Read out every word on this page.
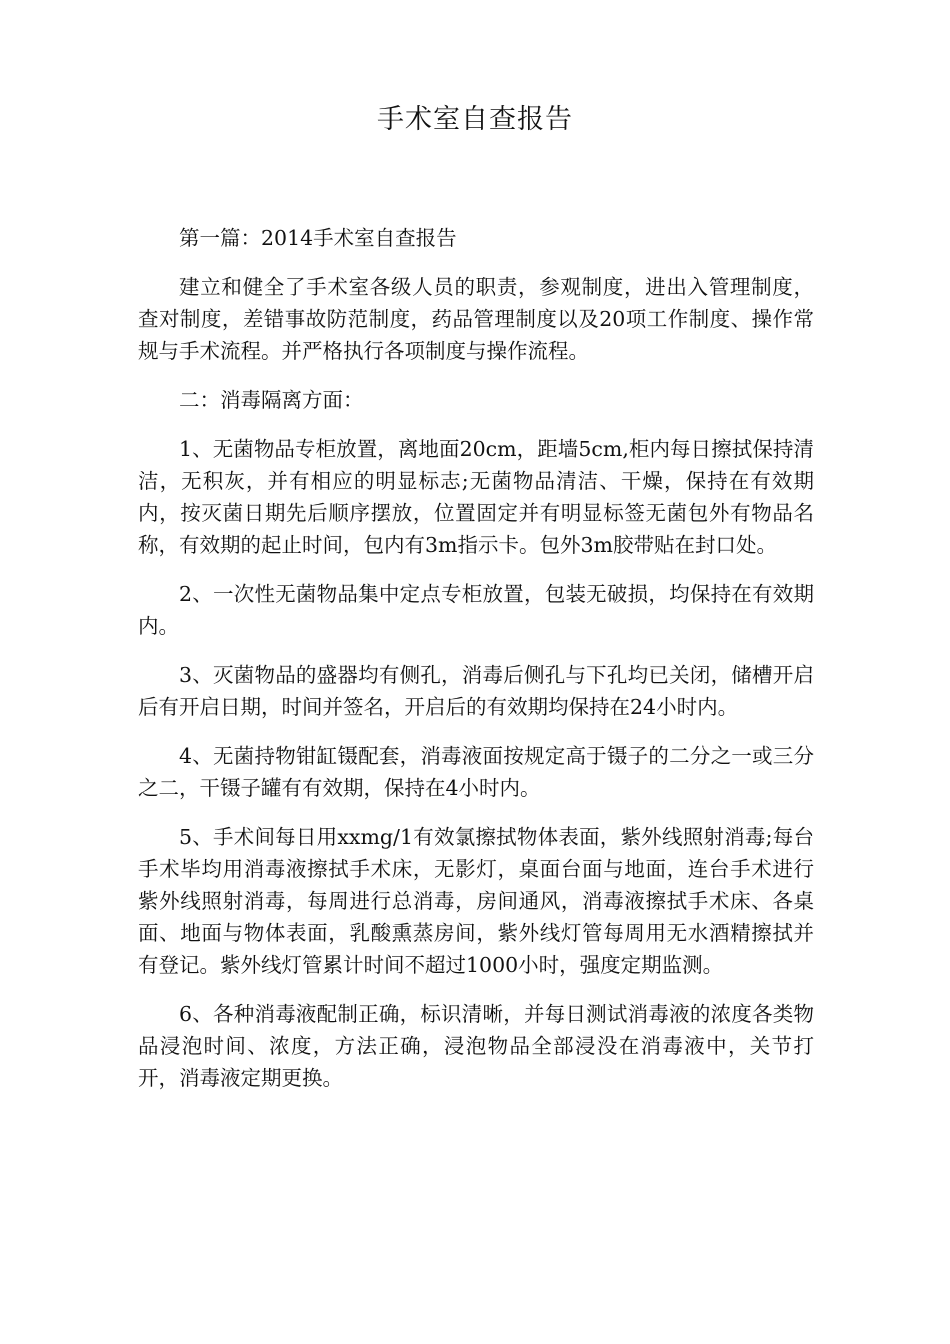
手术室自查报告

第一篇：2014手术室自查报告

建立和健全了手术室各级人员的职责，参观制度，进出入管理制度，查对制度，差错事故防范制度，药品管理制度以及20项工作制度、操作常规与手术流程。并严格执行各项制度与操作流程。

二：消毒隔离方面：

1、无菌物品专柜放置，离地面20cm，距墙5cm,柜内每日擦拭保持清洁，无积灰，并有相应的明显标志;无菌物品清洁、干燥，保持在有效期内，按灭菌日期先后顺序摆放，位置固定并有明显标签无菌包外有物品名称，有效期的起止时间，包内有3m指示卡。包外3m胶带贴在封口处。

2、一次性无菌物品集中定点专柜放置，包装无破损，均保持在有效期内。

3、灭菌物品的盛器均有侧孔，消毒后侧孔与下孔均已关闭，储槽开启后有开启日期，时间并签名，开启后的有效期均保持在24小时内。

4、无菌持物钳缸镊配套，消毒液面按规定高于镊子的二分之一或三分之二，干镊子罐有有效期，保持在4小时内。

5、手术间每日用xxmg/1有效氯擦拭物体表面，紫外线照射消毒;每台手术毕均用消毒液擦拭手术床，无影灯，桌面台面与地面，连台手术进行紫外线照射消毒，每周进行总消毒，房间通风，消毒液擦拭手术床、各桌面、地面与物体表面，乳酸熏蒸房间，紫外线灯管每周用无水酒精擦拭并有登记。紫外线灯管累计时间不超过1000小时，强度定期监测。

6、各种消毒液配制正确，标识清晰，并每日测试消毒液的浓度各类物品浸泡时间、浓度，方法正确，浸泡物品全部浸没在消毒液中，关节打开，消毒液定期更换。
